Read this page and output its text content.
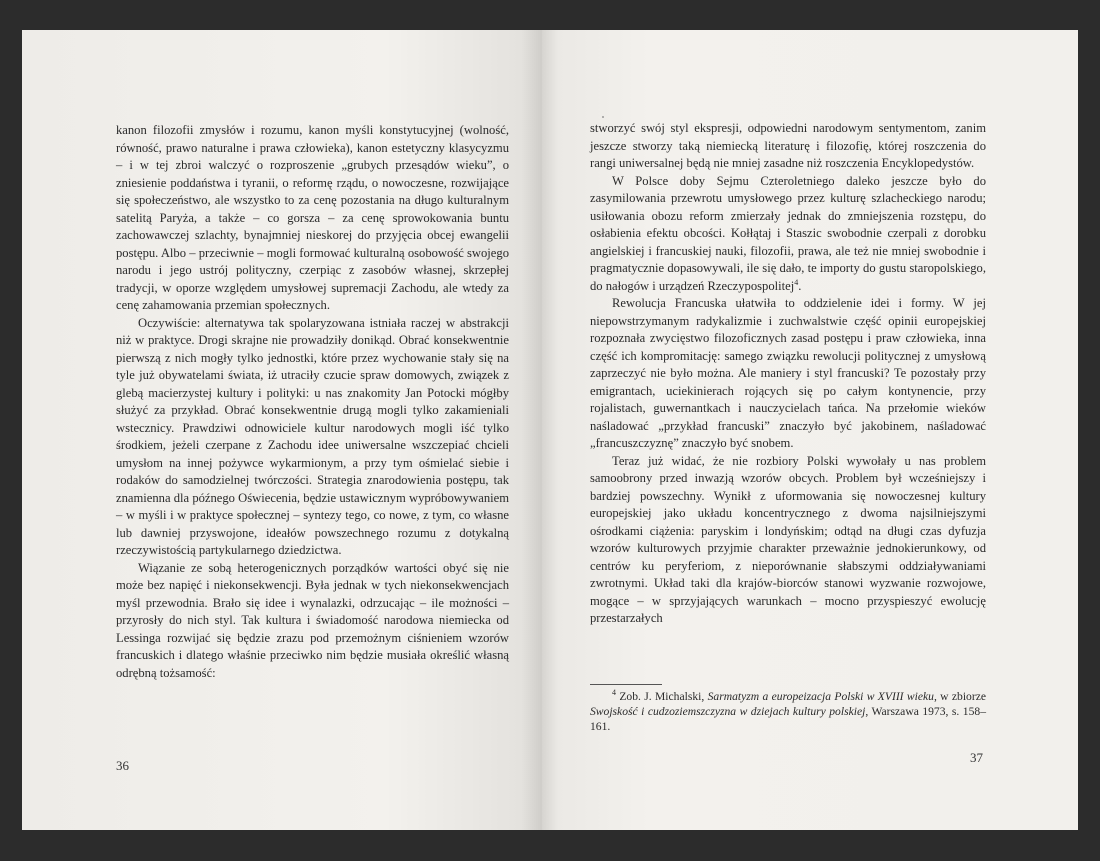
kanon filozofii zmysłów i rozumu, kanon myśli konstytucyjnej (wolność, równość, prawo naturalne i prawa człowieka), kanon estetyczny klasycyzmu – i w tej zbroi walczyć o rozproszenie „grubych przesądów wieku”, o zniesienie poddaństwa i tyranii, o reformę rządu, o nowoczesne, rozwijające się społeczeństwo, ale wszystko to za cenę pozostania na długo kulturalnym satelitą Paryża, a także – co gorsza – za cenę sprowokowania buntu zachowawczej szlachty, bynajmniej nieskorej do przyjęcia obcej ewangelii postępu. Albo – przeciwnie – mogli formować kulturalną osobowość swojego narodu i jego ustrój polityczny, czerpiąc z zasobów własnej, skrzepłej tradycji, w oporze względem umysłowej supremacji Zachodu, ale wtedy za cenę zahamowania przemian społecznych.

Oczywiście: alternatywa tak spolaryzowana istniała raczej w abstrakcji niż w praktyce. Drogi skrajne nie prowadziły donikąd. Obrać konsekwentnie pierwszą z nich mogły tylko jednostki, które przez wychowanie stały się na tyle już obywatelami świata, iż utraciły czucie spraw domowych, związek z glebą macierzystej kultury i polityki: u nas znakomity Jan Potocki mógłby służyć za przykład. Obrać konsekwentnie drugą mogli tylko zakamieniali wstecznicy. Prawdziwi odnowiciele kultur narodowych mogli iść tylko środkiem, jeżeli czerpane z Zachodu idee uniwersalne wszczepiać chcieli umysłom na innej pożywce wykarmionym, a przy tym ośmielać siebie i rodaków do samodzielnej twórczości. Strategia znarodowienia postępu, tak znamienna dla późnego Oświecenia, będzie ustawicznym wypróbowywaniem – w myśli i w praktyce społecznej – syntezy tego, co nowe, z tym, co własne lub dawniej przyswojone, ideałów powszechnego rozumu z dotykalną rzeczywistością partykularnego dziedzictwa.

Wiązanie ze sobą heterogenicznych porządków wartości obyć się nie może bez napięć i niekonsekwencji. Była jednak w tych niekonsekwencjach myśl przewodnia. Brało się idee i wynalazki, odrzucając – ile możności – przyrosły do nich styl. Tak kultura i świadomość narodowa niemiecka od Lessinga rozwijać się będzie zrazu pod przemożnym ciśnieniem wzorów francuskich i dlatego właśnie przeciwko nim będzie musiała określić własną odrębną tożsamość:

36

stworzyć swój styl ekspresji, odpowiedni narodowym sentymentom, zanim jeszcze stworzy taką niemiecką literaturę i filozofię, której roszczenia do rangi uniwersalnej będą nie mniej zasadne niż roszczenia Encyklopedystów.

W Polsce doby Sejmu Czteroletniego daleko jeszcze było do zasymilowania przewrotu umysłowego przez kulturę szlacheckiego narodu; usiłowania obozu reform zmierzały jednak do zmniejszenia rozstępu, do osłabienia efektu obcości. Kołłątaj i Staszic swobodnie czerpali z dorobku angielskiej i francuskiej nauki, filozofii, prawa, ale też nie mniej swobodnie i pragmatycznie dopasowywali, ile się dało, te importy do gustu staropolskiego, do nałogów i urządzeń Rzeczypospolitej$^4$.

Rewolucja Francuska ułatwiła to oddzielenie idei i formy. W jej niepowstrzymanym radykalizmie i zuchwalstwie część opinii europejskiej rozpoznała zwycięstwo filozoficznych zasad postępu i praw człowieka, inna część ich kompromitację: samego związku rewolucji politycznej z umysłową zaprzeczyć nie było można. Ale maniery i styl francuski? Te pozostały przy emigrantach, uciekinierach rojących się po całym kontynencie, przy rojalistach, guwernantkach i nauczycielach tańca. Na przełomie wieków naśladować „przykład francuski” znaczyło być jakobinem, naśladować „francuszczyznę” znaczyło być snobem.

Teraz już widać, że nie rozbiory Polski wywołały u nas problem samoobrony przed inwazją wzorów obcych. Problem był wcześniejszy i bardziej powszechny. Wynikł z uformowania się nowoczesnej kultury europejskiej jako układu koncentrycznego z dwoma najsilniejszymi ośrodkami ciążenia: paryskim i londyńskim; odtąd na długi czas dyfuzja wzorów kulturowych przyjmie charakter przeważnie jednokierunkowy, od centrów ku peryferiom, z nieporównanie słabszymi oddziaływaniami zwrotnymi. Układ taki dla krajów-biorców stanowi wyzwanie rozwojowe, mogące – w sprzyjających warunkach – mocno przyspieszyć ewolucję przestarzałych

$^4$ Zob. J. Michalski, Sarmatyzm a europeizacja Polski w XVIII wieku, w zbiorze Swojskość i cudzoziemszczyzna w dziejach kultury polskiej, Warszawa 1973, s. 158–161.
37
